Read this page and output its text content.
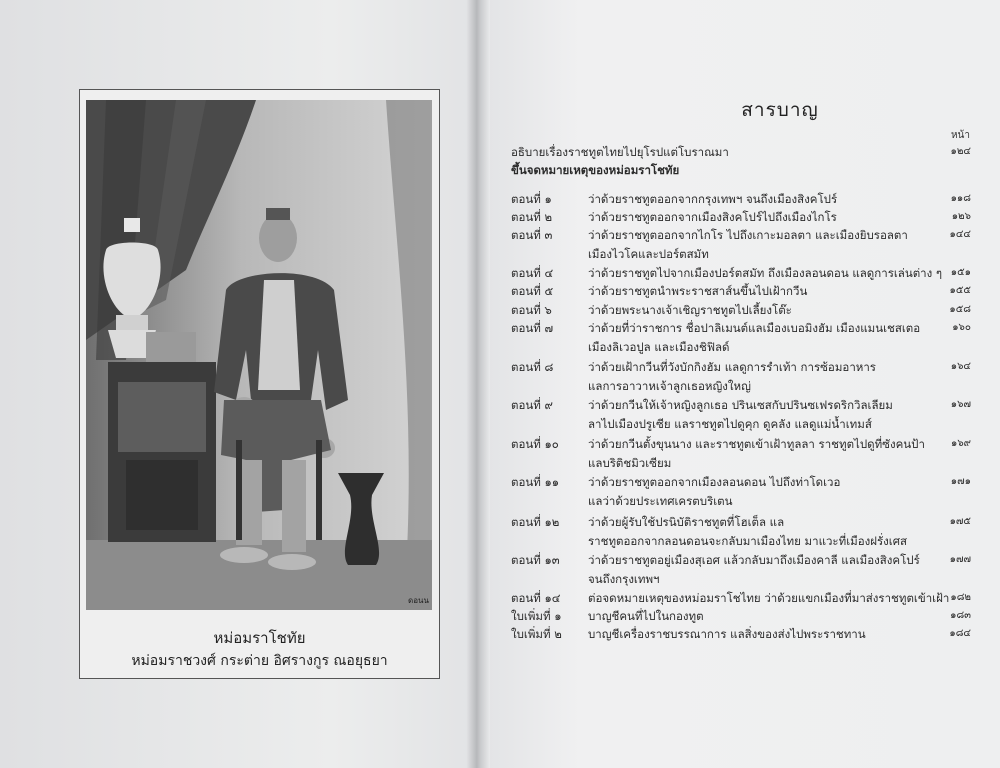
ดอนน
หม่อมราโชทัย
หม่อมราชวงศ์ กระต่าย อิศรางกูร ณอยุธยา
สารบาญ
หน้า
อธิบายเรื่องราชทูตไทยไปยุโรปแต่โบราณมา	๑๒๔
ขึ้นจดหมายเหตุของหม่อมราโชทัย
ตอนที่ ๑	ว่าด้วยราชทูตออกจากกรุงเทพฯ จนถึงเมืองสิงคโปร์	๑๑๘
ตอนที่ ๒	ว่าด้วยราชทูตออกจากเมืองสิงคโปร์ไปถึงเมืองไกโร	๑๒๖
ตอนที่ ๓	ว่าด้วยราชทูตออกจากไกโร ไปถึงเกาะมอลตา และเมืองยิบรอลตา	๑๔๔
เมืองไวโคและปอร์ตสมัท
ตอนที่ ๔	ว่าด้วยราชทูตไปจากเมืองปอร์ตสมัท ถึงเมืองลอนดอน แลดูการเล่นต่าง ๆ ๑๕๑
ตอนที่ ๕	ว่าด้วยราชทูตนำพระราชสาส์นขึ้นไปเฝ้ากวีน	๑๕๕
ตอนที่ ๖	ว่าด้วยพระนางเจ้าเชิญราชทูตไปเลี้ยงโต๊ะ	๑๕๘
ตอนที่ ๗	ว่าด้วยที่ว่าราชการ ชื่อปาลิเมนต์แลเมืองเบอมิงฮัม เมืองแมนเชสเตอ	๑๖๐
เมืองลิเวอปูล และเมืองชิฟิลด์
ตอนที่ ๘	ว่าด้วยเฝ้ากวีนที่วังบักกิงฮัม แลดูการรำเท้า การซ้อมอาหาร	๑๖๔
แลการอาวาหเจ้าลูกเธอหญิงใหญ่
ตอนที่ ๙	ว่าด้วยกวีนให้เจ้าหญิงลูกเธอ ปรินเซสกับปรินซเฟรดริกวิลเลียม	๑๖๗
ลาไปเมืองปรูเซีย แลราชทูตไปดูคุก ดูคลัง แลดูแม่น้ำเทมส์
ตอนที่ ๑๐	ว่าด้วยกวีนตั้งขุนนาง และราชทูตเข้าเฝ้าทูลลา ราชทูตไปดูที่ซังคนป้า	๑๖๙
แลบริติชมิวเซียม
ตอนที่ ๑๑	ว่าด้วยราชทูตออกจากเมืองลอนดอน ไปถึงท่าโดเวอ	๑๗๑
แลว่าด้วยประเทศเครตบริเตน
ตอนที่ ๑๒	ว่าด้วยผู้รับใช้ปรนิบัติราชทูตที่โฮเต็ล แล	๑๗๕
ราชทูตออกจากลอนดอนจะกลับมาเมืองไทย มาแวะที่เมืองฝรั่งเศส
ตอนที่ ๑๓	ว่าด้วยราชทูตอยู่เมืองสุเอศ แล้วกลับมาถึงเมืองคาลี แลเมืองสิงคโปร์	๑๗๗
จนถึงกรุงเทพฯ
ตอนที่ ๑๔	ต่อจดหมายเหตุของหม่อมราโชไทย ว่าด้วยแขกเมืองที่มาส่งราชทูตเข้าเฝ้า ๑๘๒
ใบเพิ่มที่ ๑	บาญชีคนที่ไปในกองทูต	๑๘๓
ใบเพิ่มที่ ๒	บาญชีเครื่องราชบรรณาการ แลสิ่งของส่งไปพระราชทาน	๑๘๔
